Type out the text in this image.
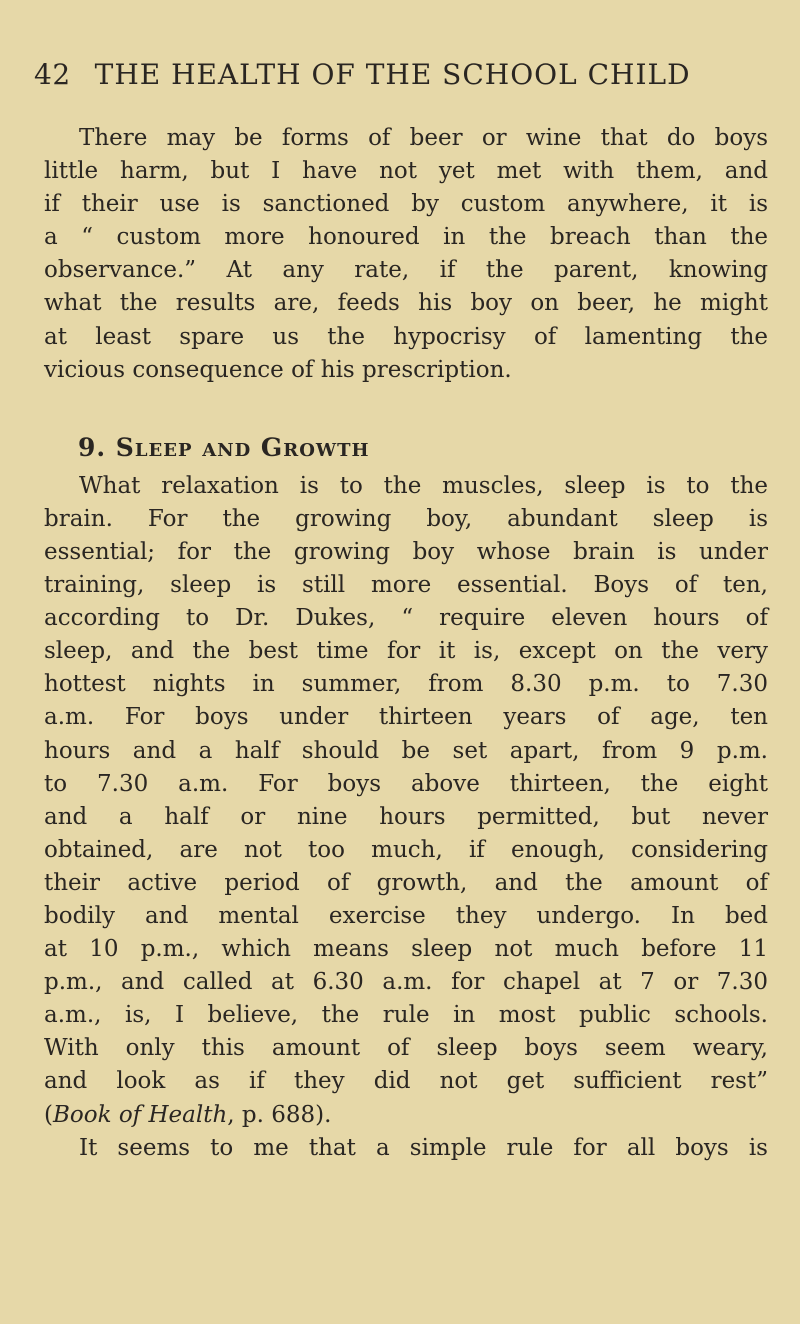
42 THE HEALTH OF THE SCHOOL CHILD

There may be forms of beer or wine that do boys
little harm, but I have not yet met with them, and
if their use is sanctioned by custom anywhere, it is
a “ custom more honoured in the breach than the
observance.” At any rate, if the parent, knowing
what the results are, feeds his boy on beer, he might
at least spare us the hypocrisy of lamenting the
vicious consequence of his prescription.

9. Sleep and Growth

What relaxation is to the muscles, sleep is to the
brain. For the growing boy, abundant sleep is
essential; for the growing boy whose brain is under
training, sleep is still more essential. Boys of ten,
according to Dr. Dukes, “ require eleven hours of
sleep, and the best time for it is, except on the very
hottest nights in summer, from 8.30 p.m. to 7.30
a.m. For boys under thirteen years of age, ten
hours and a half should be set apart, from 9 p.m.
to 7.30 a.m. For boys above thirteen, the eight
and a half or nine hours permitted, but never
obtained, are not too much, if enough, considering
their active period of growth, and the amount of
bodily and mental exercise they undergo. In bed
at 10 p.m., which means sleep not much before 11
p.m., and called at 6.30 a.m. for chapel at 7 or 7.30
a.m., is, I believe, the rule in most public schools.
With only this amount of sleep boys seem weary,
and look as if they did not get sufficient rest”
(Book of Health, p. 688).

It seems to me that a simple rule for all boys is
